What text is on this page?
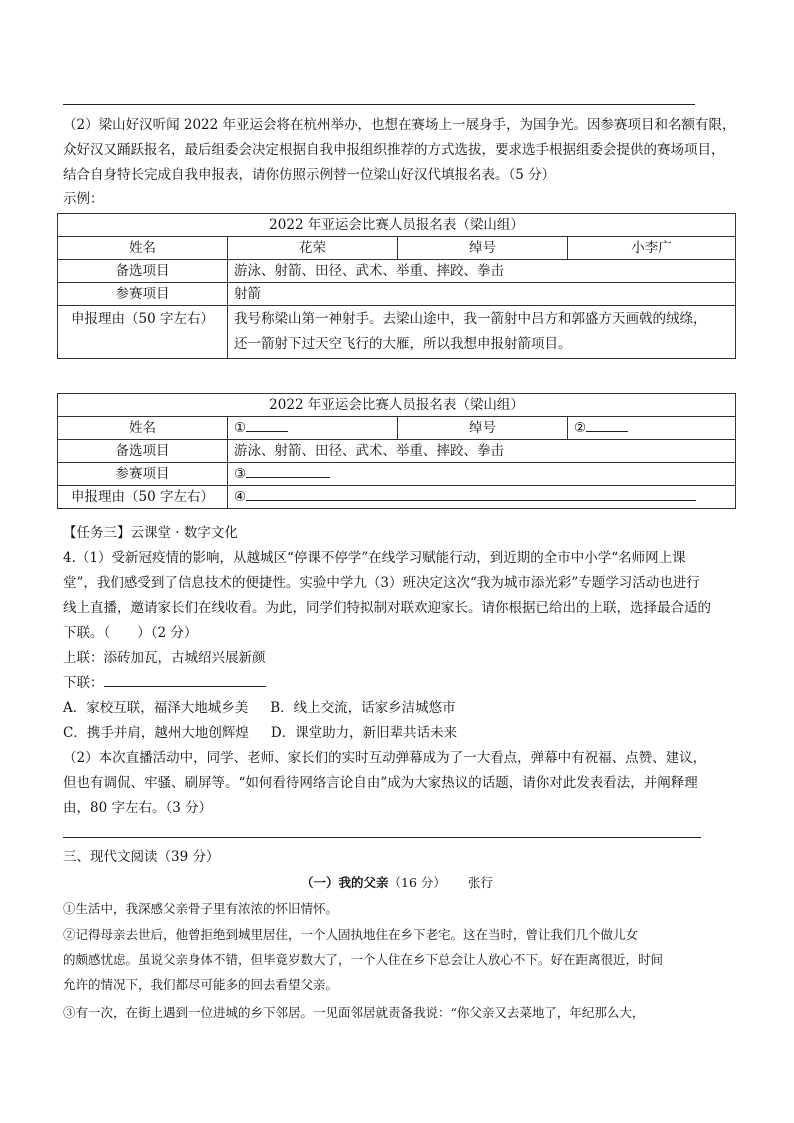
（2）梁山好汉听闻 2022 年亚运会将在杭州举办，也想在赛场上一展身手，为国争光。因参赛项目和名额有限，

众好汉又踊跃报名，最后组委会决定根据自我申报组织推荐的方式选拔，要求选手根据组委会提供的赛场项目，

结合自身特长完成自我申报表，请你仿照示例替一位梁山好汉代填报名表。（5 分）

示例：

2022 年亚运会比赛人员报名表（梁山组）			
姓名	花荣	绰号	小李广
备选项目	游泳、射箭、田径、武术、举重、摔跤、拳击		
参赛项目	射箭		
申报理由（50 字左右）	我号称梁山第一神射手。去梁山途中，我一箭射中吕方和郭盛方天画戟的绒绦，
还一箭射下过天空飞行的大雁，所以我想申报射箭项目。		
2022 年亚运会比赛人员报名表（梁山组）			
姓名	①	绰号	②
备选项目	游泳、射箭、田径、武术、举重、摔跤、拳击		
参赛项目	③		
申报理由（50 字左右）	④		

【任务三】云课堂 · 数字文化

4.（1）受新冠疫情的影响，从越城区“停课不停学”在线学习赋能行动，到近期的全市中小学“名师网上课

堂”，我们感受到了信息技术的便捷性。实验中学九（3）班决定这次“我为城市添光彩”专题学习活动也进行

线上直播，邀请家长们在线收看。为此，同学们特拟制对联欢迎家长。请你根据已给出的上联，选择最合适的

下联。（　　）（2 分）

上联：添砖加瓦，古城绍兴展新颜

下联：

A．家校互联，福泽大地城乡美 B．线上交流，话家乡洁城悠市

C．携手并肩，越州大地创辉煌 D．课堂助力，新旧辈共话未来

（2）本次直播活动中，同学、老师、家长们的实时互动弹幕成为了一大看点，弹幕中有祝福、点赞、建议，

但也有调侃、牢骚、刷屏等。“如何看待网络言论自由”成为大家热议的话题，请你对此发表看法，并阐释理

由，80 字左右。（3 分）

三、现代文阅读（39 分）

（一）我的父亲（16 分） 张行

①生活中，我深感父亲骨子里有浓浓的怀旧情怀。

②记得母亲去世后，他曾拒绝到城里居住，一个人固执地住在乡下老宅。这在当时，曾让我们几个做儿女

的颇感忧虑。虽说父亲身体不错，但毕竟岁数大了，一个人住在乡下总会让人放心不下。好在距离很近，时间

允许的情况下，我们都尽可能多的回去看望父亲。

③有一次，在街上遇到一位进城的乡下邻居。一见面邻居就责备我说：“你父亲又去菜地了，年纪那么大，
